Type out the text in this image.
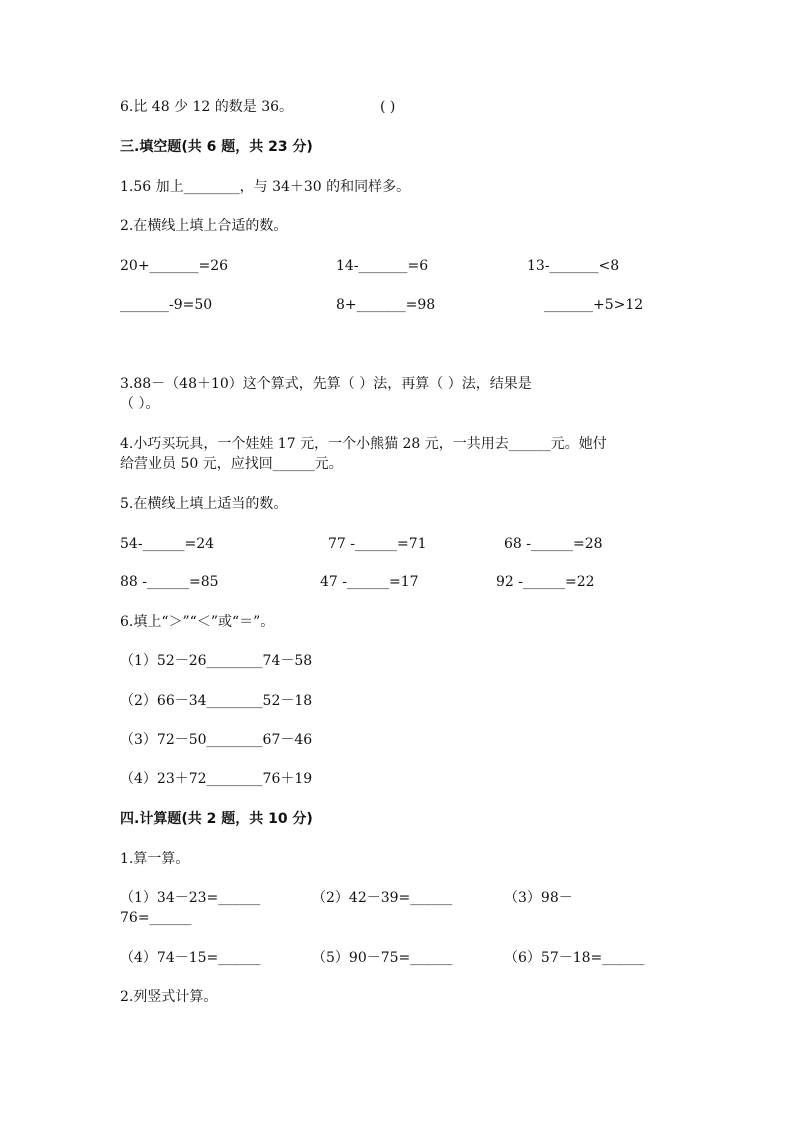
6.比 48 少 12 的数是 36。	( )
三.填空题(共 6 题，共 23 分)
1.56 加上________，与 34＋30 的和同样多。
2.在横线上填上合适的数。
20+_______=26	14-_______=6	13-_______<8
_______-9=50	8+_______=98	_______+5>12
3.88－（48＋10）这个算式，先算（ ）法，再算（ ）法，结果是
（ ）。
4.小巧买玩具，一个娃娃 17 元，一个小熊猫 28 元，一共用去______元。她付
给营业员 50 元，应找回______元。
5.在横线上填上适当的数。
54-______=24	77 -______=71	68 -______=28
88 -______=85	47 -______=17	92 -______=22
6.填上“＞”“＜”或“＝”。
（1）52－26________74－58
（2）66－34________52－18
（3）72－50________67－46
（4）23＋72________76＋19
四.计算题(共 2 题，共 10 分)
1.算一算。
（1）34－23=______	（2）42－39=______	（3）98－
76=______
（4）74－15=______	（5）90－75=______	（6）57－18=______
2.列竖式计算。
